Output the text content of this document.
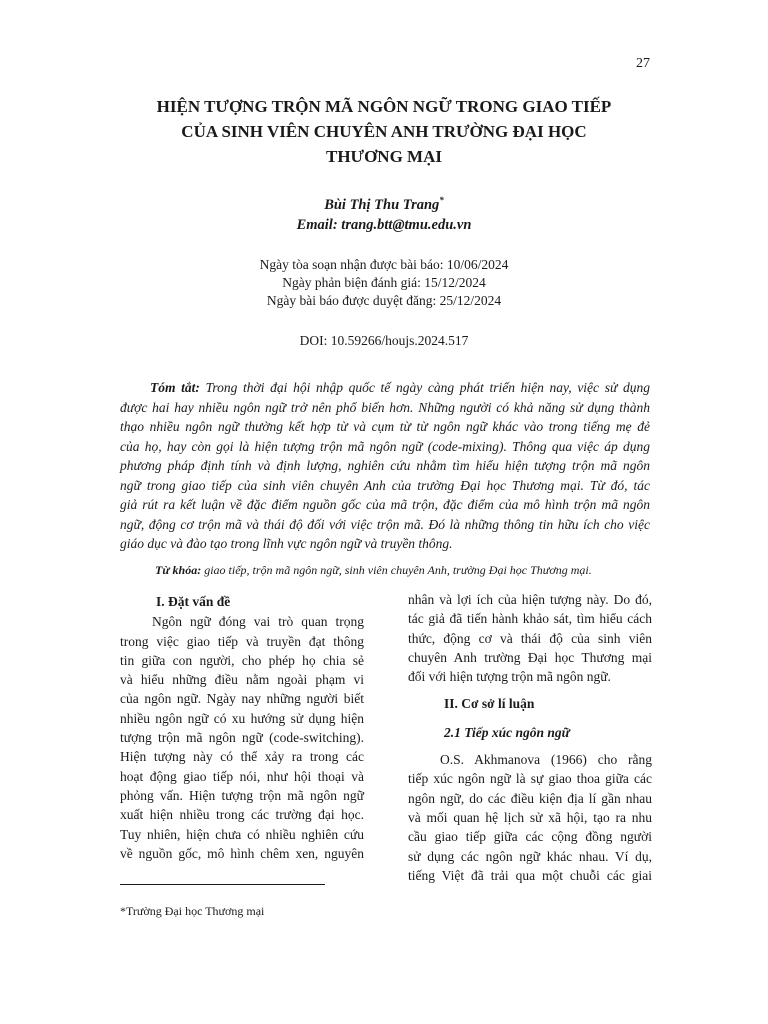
27
HIỆN TƯỢNG TRỘN MÃ NGÔN NGỮ TRONG GIAO TIẾP
CỦA SINH VIÊN CHUYÊN ANH TRƯỜNG ĐẠI HỌC
THƯƠNG MẠI
Bùi Thị Thu Trang*
Email: trang.btt@tmu.edu.vn
Ngày tòa soạn nhận được bài báo: 10/06/2024
Ngày phản biện đánh giá: 15/12/2024
Ngày bài báo được duyệt đăng: 25/12/2024
DOI: 10.59266/houjs.2024.517
Tóm tắt: Trong thời đại hội nhập quốc tế ngày càng phát triển hiện nay, việc sử dụng
được hai hay nhiều ngôn ngữ trở nên phổ biến hơn. Những người có khả năng sử dụng thành
thạo nhiều ngôn ngữ thường kết hợp từ và cụm từ từ ngôn ngữ khác vào trong tiếng mẹ đẻ
của họ, hay còn gọi là hiện tượng trộn mã ngôn ngữ (code-mixing). Thông qua việc áp dụng
phương pháp định tính và định lượng, nghiên cứu nhằm tìm hiểu hiện tượng trộn mã ngôn
ngữ trong giao tiếp của sinh viên chuyên Anh của trường Đại học Thương mại. Từ đó, tác
giả rút ra kết luận về đặc điểm nguồn gốc của mã trộn, đặc điểm của mô hình trộn mã ngôn
ngữ, động cơ trộn mã và thái độ đối với việc trộn mã. Đó là những thông tin hữu ích cho việc
giáo dục và đào tạo trong lĩnh vực ngôn ngữ và truyền thông.
Từ khóa: giao tiếp, trộn mã ngôn ngữ, sinh viên chuyên Anh, trường Đại học Thương mại.
I. Đặt vấn đề
Ngôn ngữ đóng vai trò quan trọng
trong việc giao tiếp và truyền đạt thông
tin giữa con người, cho phép họ chia sẻ
và hiểu những điều nằm ngoài phạm vi
của ngôn ngữ. Ngày nay những người biết
nhiều ngôn ngữ có xu hướng sử dụng hiện
tượng trộn mã ngôn ngữ (code-switching).
Hiện tượng này có thể xảy ra trong các
hoạt động giao tiếp nói, như hội thoại và
phỏng vấn. Hiện tượng trộn mã ngôn ngữ
xuất hiện nhiều trong các trường đại học.
Tuy nhiên, hiện chưa có nhiều nghiên cứu
về nguồn gốc, mô hình chêm xen, nguyên
nhân và lợi ích của hiện tượng này. Do đó,
tác giả đã tiến hành khảo sát, tìm hiểu cách
thức, động cơ và thái độ của sinh viên
chuyên Anh trường Đại học Thương mại
đối với hiện tượng trộn mã ngôn ngữ.
II. Cơ sở lí luận
2.1 Tiếp xúc ngôn ngữ
O.S. Akhmanova (1966) cho rằng
tiếp xúc ngôn ngữ là sự giao thoa giữa các
ngôn ngữ, do các điều kiện địa lí gần nhau
và mối quan hệ lịch sử xã hội, tạo ra nhu
cầu giao tiếp giữa các cộng đồng người
sử dụng các ngôn ngữ khác nhau. Ví dụ,
tiếng Việt đã trải qua một chuỗi các giai
*Trường Đại học Thương mại
